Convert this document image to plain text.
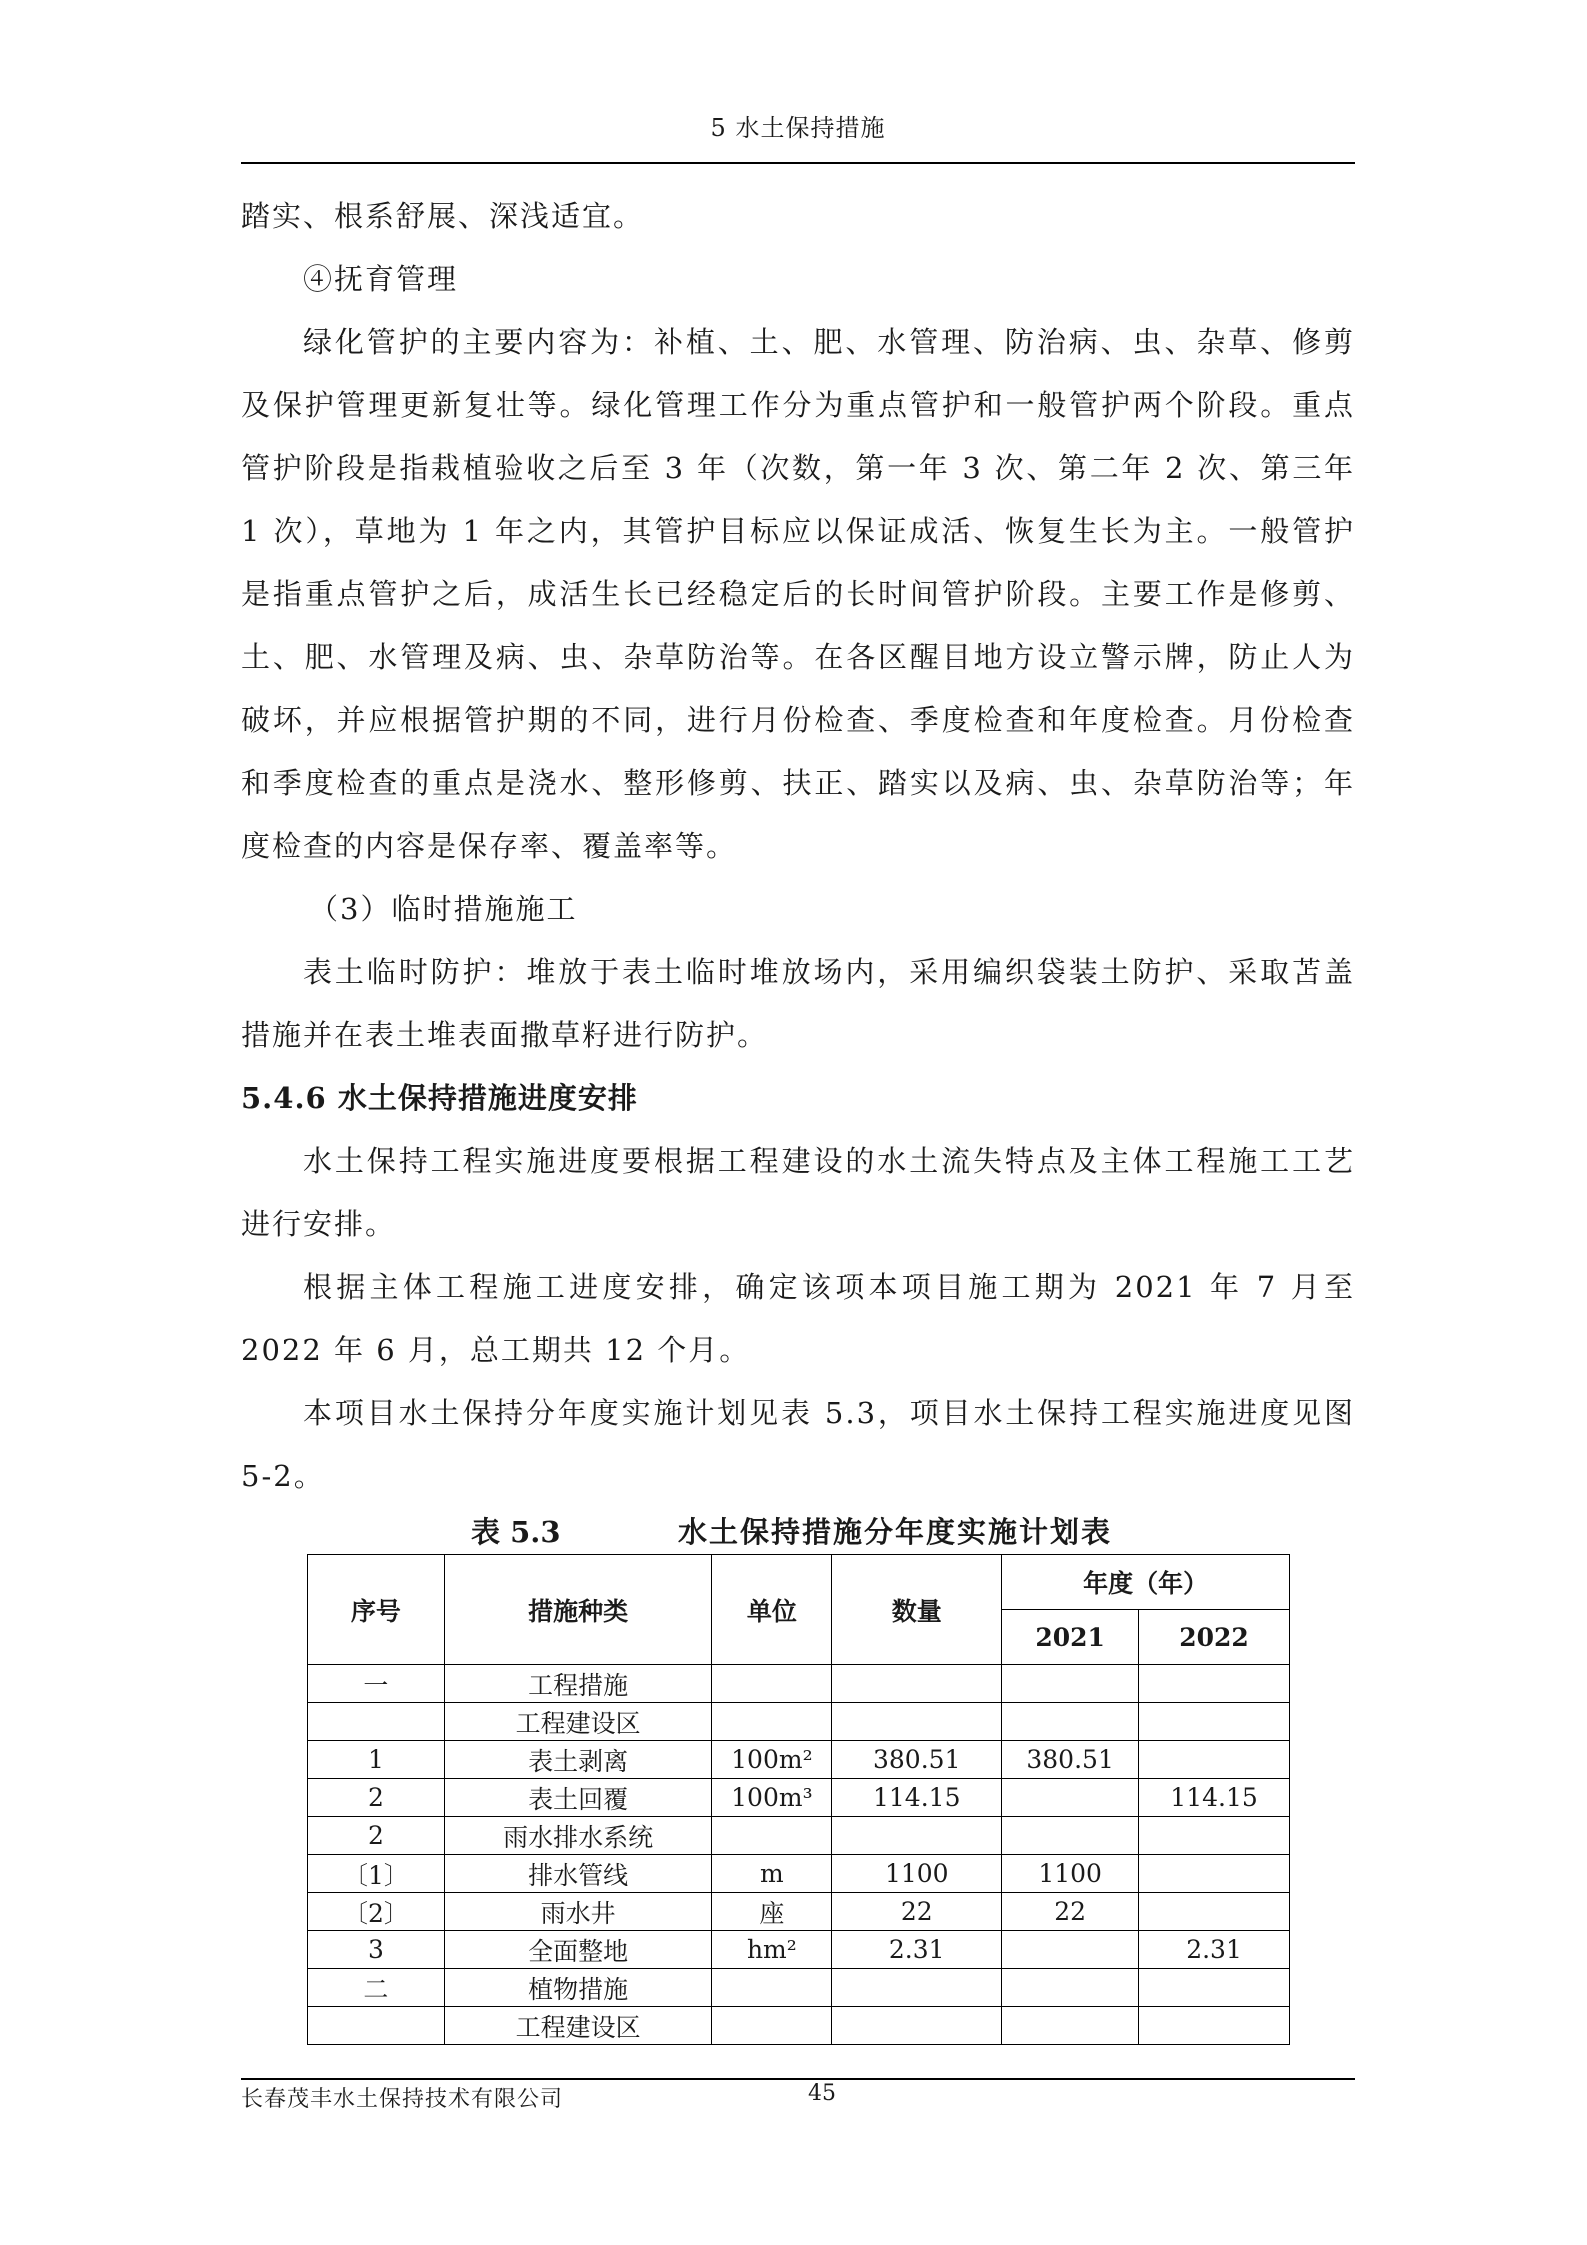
5 水土保持措施

踏实、根系舒展、深浅适宜。

④抚育管理

绿化管护的主要内容为：补植、土、肥、水管理、防治病、虫、杂草、修剪及保护管理更新复壮等。绿化管理工作分为重点管护和一般管护两个阶段。重点管护阶段是指栽植验收之后至 3 年（次数，第一年 3 次、第二年 2 次、第三年 1 次），草地为 1 年之内，其管护目标应以保证成活、恢复生长为主。一般管护是指重点管护之后，成活生长已经稳定后的长时间管护阶段。主要工作是修剪、土、肥、水管理及病、虫、杂草防治等。在各区醒目地方设立警示牌，防止人为破坏，并应根据管护期的不同，进行月份检查、季度检查和年度检查。月份检查和季度检查的重点是浇水、整形修剪、扶正、踏实以及病、虫、杂草防治等；年度检查的内容是保存率、覆盖率等。

（3）临时措施施工

表土临时防护：堆放于表土临时堆放场内，采用编织袋装土防护、采取苫盖措施并在表土堆表面撒草籽进行防护。

5.4.6 水土保持措施进度安排

水土保持工程实施进度要根据工程建设的水土流失特点及主体工程施工工艺进行安排。

根据主体工程施工进度安排，确定该项本项目施工期为 2021 年 7 月至 2022 年 6 月，总工期共 12 个月。

本项目水土保持分年度实施计划见表 5.3，项目水土保持工程实施进度见图 5-2。

表 5.3	水土保持措施分年度实施计划表
序号	措施种类	单位	数量	年度（年）	
				2021	2022
一	工程措施				
	工程建设区				
1	表土剥离	100m²	380.51	380.51	
2	表土回覆	100m³	114.15		114.15
2	雨水排水系统				
〔1〕	排水管线	m	1100	1100	
〔2〕	雨水井	座	22	22	
3	全面整地	hm²	2.31		2.31
二	植物措施				
	工程建设区				
长春茂丰水土保持技术有限公司	45
